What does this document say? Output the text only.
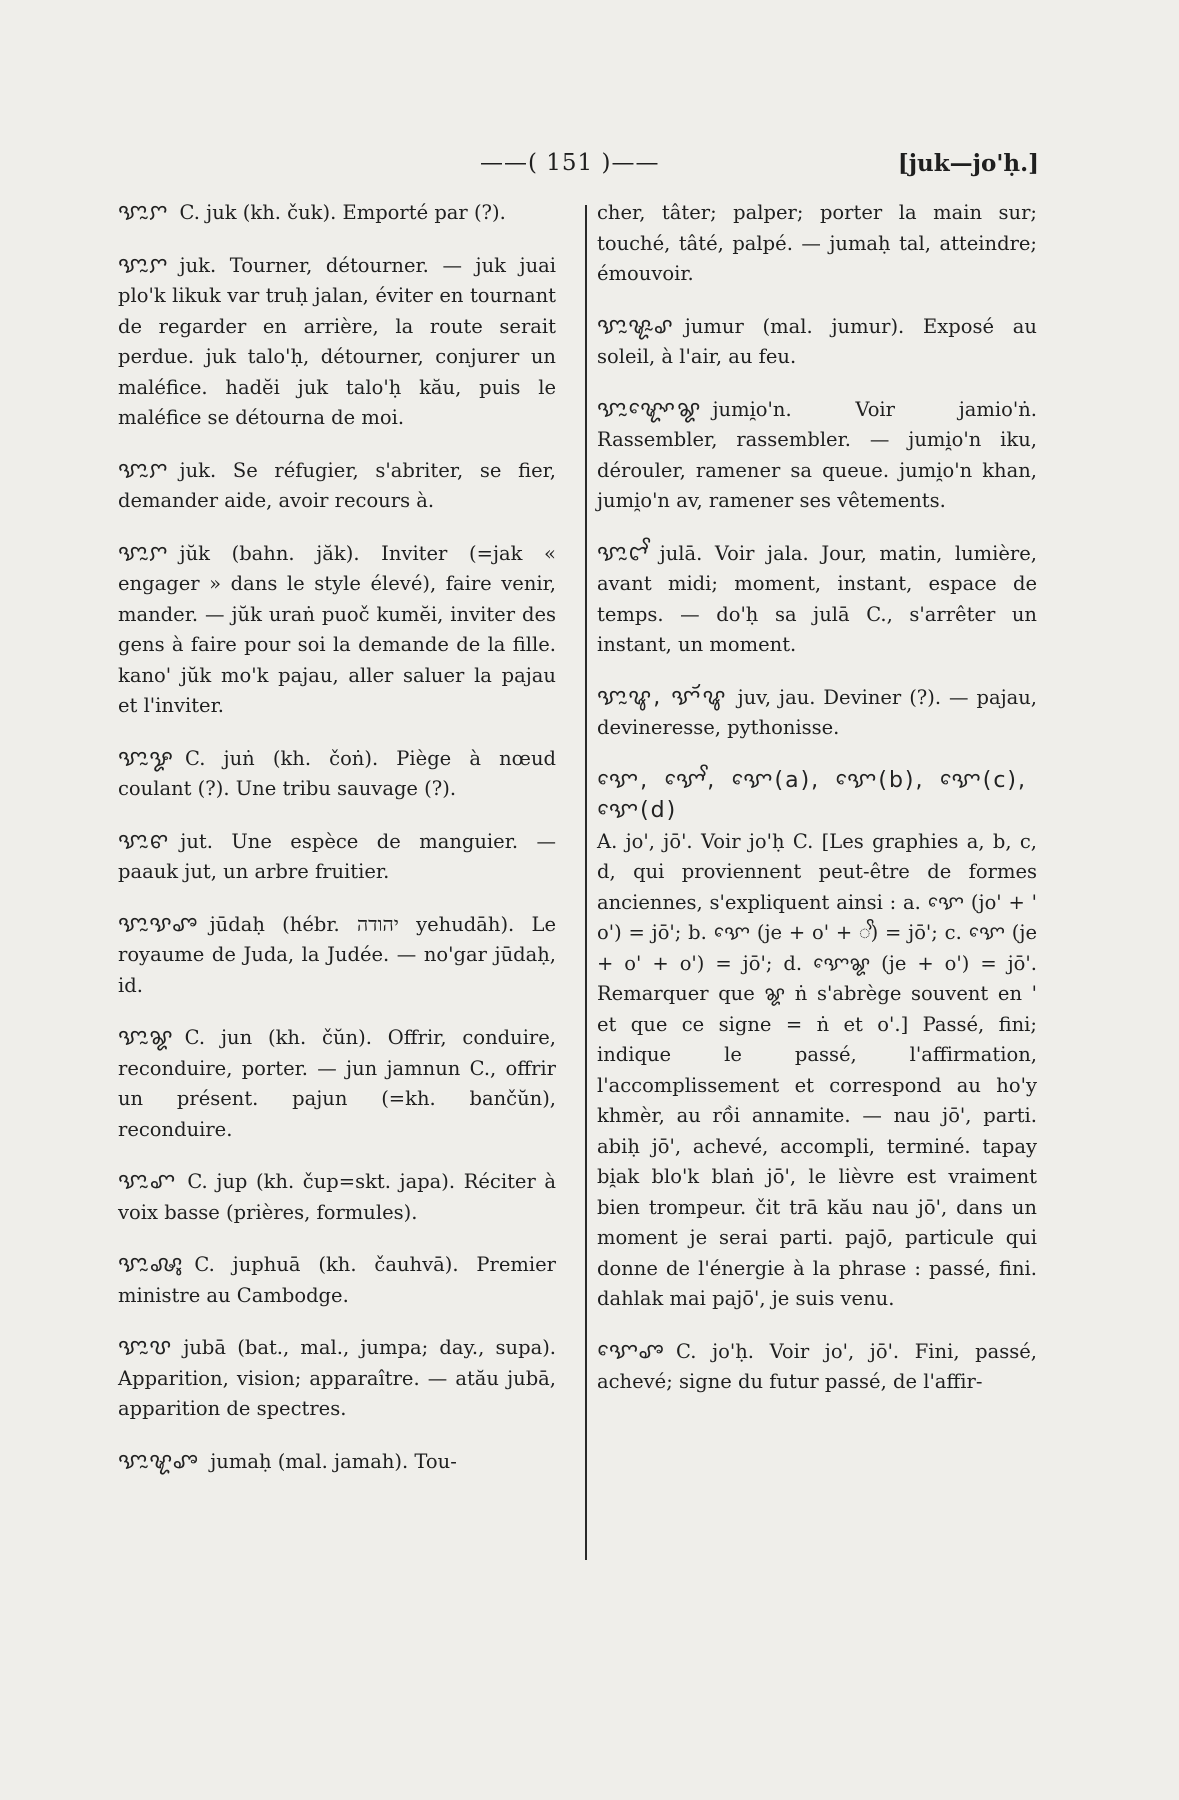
——( 151 )——	[juk—jo'ḥ.]
ꨎꨭꨆ C. juk (kh. čuk). Emporté par (?).
ꨎꨭꨆ juk. Tourner, détourner. — juk juai plo'k likuk var truḥ jalan, éviter en tournant de regarder en arrière, la route serait perdue. juk talo'ḥ, détourner, conjurer un maléfice. hadĕi juk talo'ḥ kău, puis le maléfice se détourna de moi.
ꨎꨭꨆ juk. Se réfugier, s'abriter, se fier, demander aide, avoir recours à.
ꨎꨭꨆ jŭk (bahn. jăk). Inviter (=jak « engager » dans le style élevé), faire venir, mander. — jŭk uraṅ puoč kumĕi, inviter des gens à faire pour soi la demande de la fille. kano' jŭk mo'k pajau, aller saluer la pajau et l'inviter.
ꨎꨭꨋ C. juṅ (kh. čoṅ). Piège à nœud coulant (?). Une tribu sauvage (?).
ꨎꨭꨓ jut. Une espèce de manguier. — paauk jut, un arbre fruitier.
ꨎꨭꨕꨨ jūdaḥ (hébr. יהודה yehudāh). Le royaume de Juda, la Judée. — no'gar jūdaḥ, id.
ꨎꨭꨘ C. jun (kh. čŭn). Offrir, conduire, reconduire, porter. — jun jamnun C., offrir un présent. pajun (=kh. bančŭn), reconduire.
ꨎꨭꨚ C. jup (kh. čup=skt. japa). Réciter à voix basse (prières, formules).
ꨎꨭꨜꨶ C. juphuā (kh. čauhvā). Premier ministre au Cambodge.
ꨎꨭꨝ jubā (bat., mal., jumpa; day., supa). Apparition, vision; apparaître. — atău jubā, apparition de spectres.
ꨎꨭꨠꨨ jumaḥ (mal. jamah). Tou-
cher, tâter; palper; porter la main sur; touché, tâté, palpé. — jumaḥ tal, atteindre; émouvoir.
ꨎꨭꨠꨭꨣ jumur (mal. jumur). Exposé au soleil, à l'air, au feu.
ꨎꨭꨠꨳꨯꨘ jumi̯o'n. Voir jamio'ṅ. Rassembler, rassembler. — jumi̯o'n iku, dérouler, ramener sa queue. jumi̯o'n khan, jumi̯o'n av, ramener ses vêtements.
ꨎꨭꨤꨩ julā. Voir jala. Jour, matin, lumière, avant midi; moment, instant, espace de temps. — do'ḥ sa julā C., s'arrêter un instant, un moment.
ꨎꨭꨥ, ꨎꨮꨥ juv, jau. Deviner (?). — pajau, devineresse, pythonisse.
ꨎꨯ, ꨎꨯꨩ, ꨎꨯ(a), ꨎꨯ(b), ꨎꨯ(c), ꨎꨯ(d)A. jo', jō'. Voir jo'ḥ C. [Les graphies a, b, c, d, qui proviennent peut-être de formes anciennes, s'expliquent ainsi : a. ꨎꨯ (jo' + ' o') = jō'; b. ꨎꨯ (je + o' + ꨩ) = jō'; c. ꨎꨯ (je + o' + o') = jō'; d. ꨎꨯꨘ (je + o') = jō'. Remarquer que ꨘ ṅ s'abrège souvent en ' et que ce signe = ṅ et o'.] Passé, fini; indique le passé, l'affirmation, l'accomplissement et correspond au ho'y khmèr, au rồi annamite. — nau jō', parti. abiḥ jō', achevé, accompli, terminé. tapay bi̯ak blo'k blaṅ jō', le lièvre est vraiment bien trompeur. čit trā kău nau jō', dans un moment je serai parti. pajō, particule qui donne de l'énergie à la phrase : passé, fini. dahlak mai pajō', je suis venu.
ꨎꨯꨨ C. jo'ḥ. Voir jo', jō'. Fini, passé, achevé; signe du futur passé, de l'affir-
